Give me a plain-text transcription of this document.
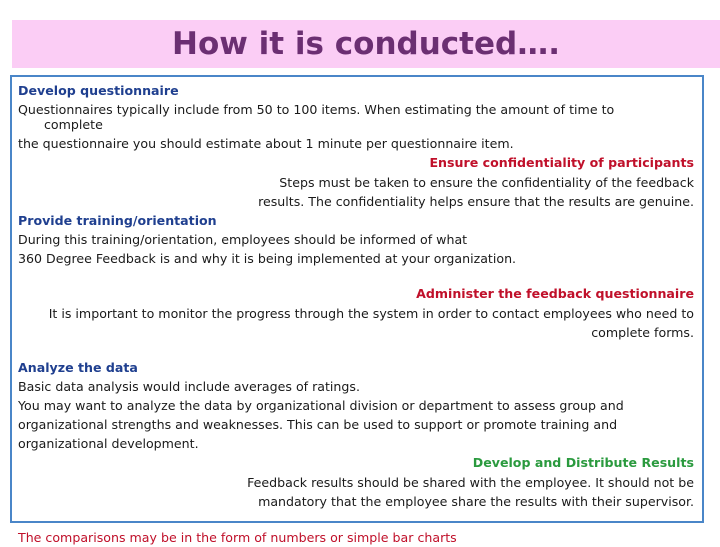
How it is conducted….

Develop questionnaire

Questionnaires typically include from 50 to 100 items. When estimating the amount of time to

complete

the questionnaire you should estimate about 1 minute per questionnaire item.

Ensure confidentiality of participants

Steps must be taken to ensure the confidentiality of the feedback

results. The confidentiality helps ensure that the results are genuine.

Provide training/orientation

During this training/orientation, employees should be informed of what

360 Degree Feedback is and why it is being implemented at your organization.

Administer the feedback questionnaire

It is important to monitor the progress through the system in order to contact employees who need to

complete forms.

Analyze the data

Basic data analysis would include averages of ratings.

You may want to analyze the data by organizational division or department to assess group and

organizational strengths and weaknesses. This can be used to support or promote training and

organizational development.

Develop and Distribute Results

Feedback results should be shared with the employee. It should not be

mandatory that the employee share the results with their supervisor.

The comparisons may be in the form of numbers or simple bar charts
